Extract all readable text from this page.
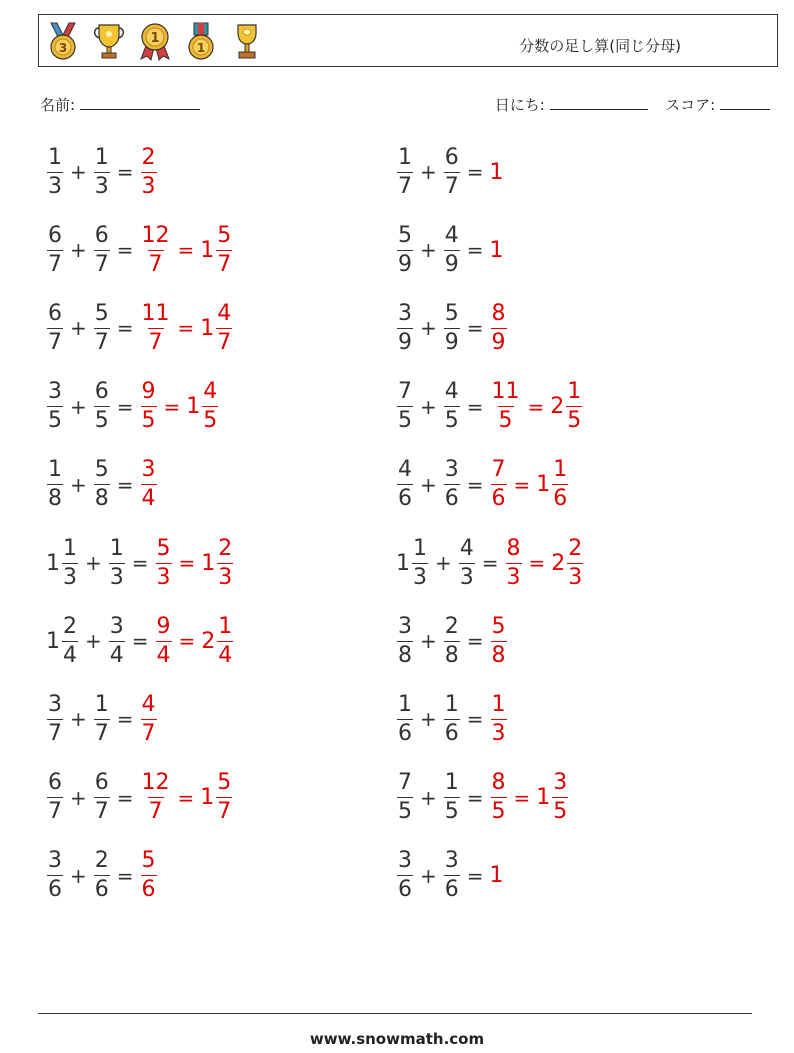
3
1
1	分数の足し算(同じ分母)
名前:	日にち:	スコア:
$\frac{1}{3} + \frac{1}{3} = \frac{2}{3}$	$\frac{1}{7} + \frac{6}{7} = 1$
$\frac{6}{7} + \frac{6}{7} = \frac{12}{7} = 1 \frac{5}{7}$	$\frac{5}{9} + \frac{4}{9} = 1$
$\frac{6}{7} + \frac{5}{7} = \frac{11}{7} = 1 \frac{4}{7}$	$\frac{3}{9} + \frac{5}{9} = \frac{8}{9}$
$\frac{3}{5} + \frac{6}{5} = \frac{9}{5} = 1 \frac{4}{5}$	$\frac{7}{5} + \frac{4}{5} = \frac{11}{5} = 2 \frac{1}{5}$
$\frac{1}{8} + \frac{5}{8} = \frac{3}{4}$	$\frac{4}{6} + \frac{3}{6} = \frac{7}{6} = 1 \frac{1}{6}$
$1 \frac{1}{3} + \frac{1}{3} = \frac{5}{3} = 1 \frac{2}{3}$	$1 \frac{1}{3} + \frac{4}{3} = \frac{8}{3} = 2 \frac{2}{3}$
$1 \frac{2}{4} + \frac{3}{4} = \frac{9}{4} = 2 \frac{1}{4}$	$\frac{3}{8} + \frac{2}{8} = \frac{5}{8}$
$\frac{3}{7} + \frac{1}{7} = \frac{4}{7}$	$\frac{1}{6} + \frac{1}{6} = \frac{1}{3}$
$\frac{6}{7} + \frac{6}{7} = \frac{12}{7} = 1 \frac{5}{7}$	$\frac{7}{5} + \frac{1}{5} = \frac{8}{5} = 1 \frac{3}{5}$
$\frac{3}{6} + \frac{2}{6} = \frac{5}{6}$	$\frac{3}{6} + \frac{3}{6} = 1$
www.snowmath.com
